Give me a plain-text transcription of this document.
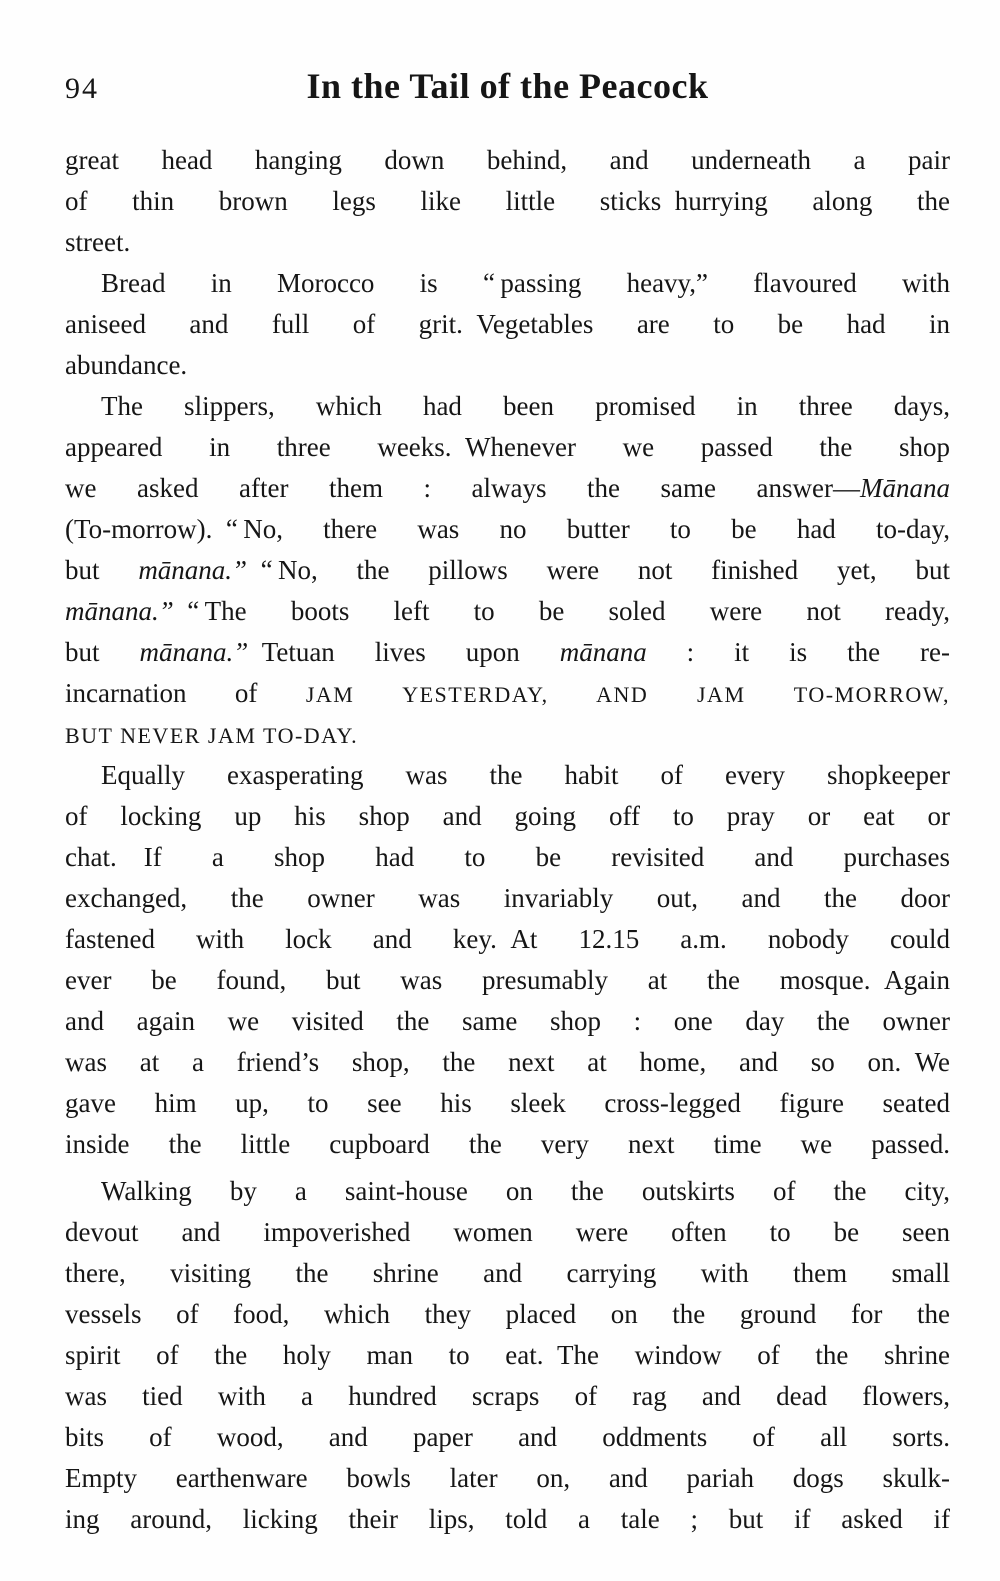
94	In the Tail of the Peacock
great head hanging down behind, and underneath a pair
of thin brown legs like little sticks hurrying along the
street.
Bread in Morocco is “ passing heavy,” flavoured with
aniseed and full of grit. Vegetables are to be had in
abundance.
The slippers, which had been promised in three days,
appeared in three weeks. Whenever we passed the shop
we asked after them : always the same answer—Mānana
(To-morrow). “ No, there was no butter to be had to-day,
but mānana.” “ No, the pillows were not finished yet, but
mānana.” “ The boots left to be soled were not ready,
but mānana.” Tetuan lives upon mānana : it is the re-
incarnation of JAM YESTERDAY, AND JAM TO-MORROW,
BUT NEVER JAM TO-DAY.
Equally exasperating was the habit of every shopkeeper
of locking up his shop and going off to pray or eat or
chat.  If a shop had to be revisited and purchases
exchanged, the owner was invariably out, and the door
fastened with lock and key. At 12.15 a.m. nobody could
ever be found, but was presumably at the mosque. Again
and again we visited the same shop : one day the owner
was at a friend’s shop, the next at home, and so on. We
gave him up, to see his sleek cross-legged figure seated
inside the little cupboard the very next time we passed.
Walking by a saint-house on the outskirts of the city,
devout and impoverished women were often to be seen
there, visiting the shrine and carrying with them small
vessels of food, which they placed on the ground for the
spirit of the holy man to eat. The window of the shrine
was tied with a hundred scraps of rag and dead flowers,
bits of wood, and paper and oddments of all sorts.
Empty earthenware bowls later on, and pariah dogs skulk-
ing around, licking their lips, told a tale ; but if asked if
